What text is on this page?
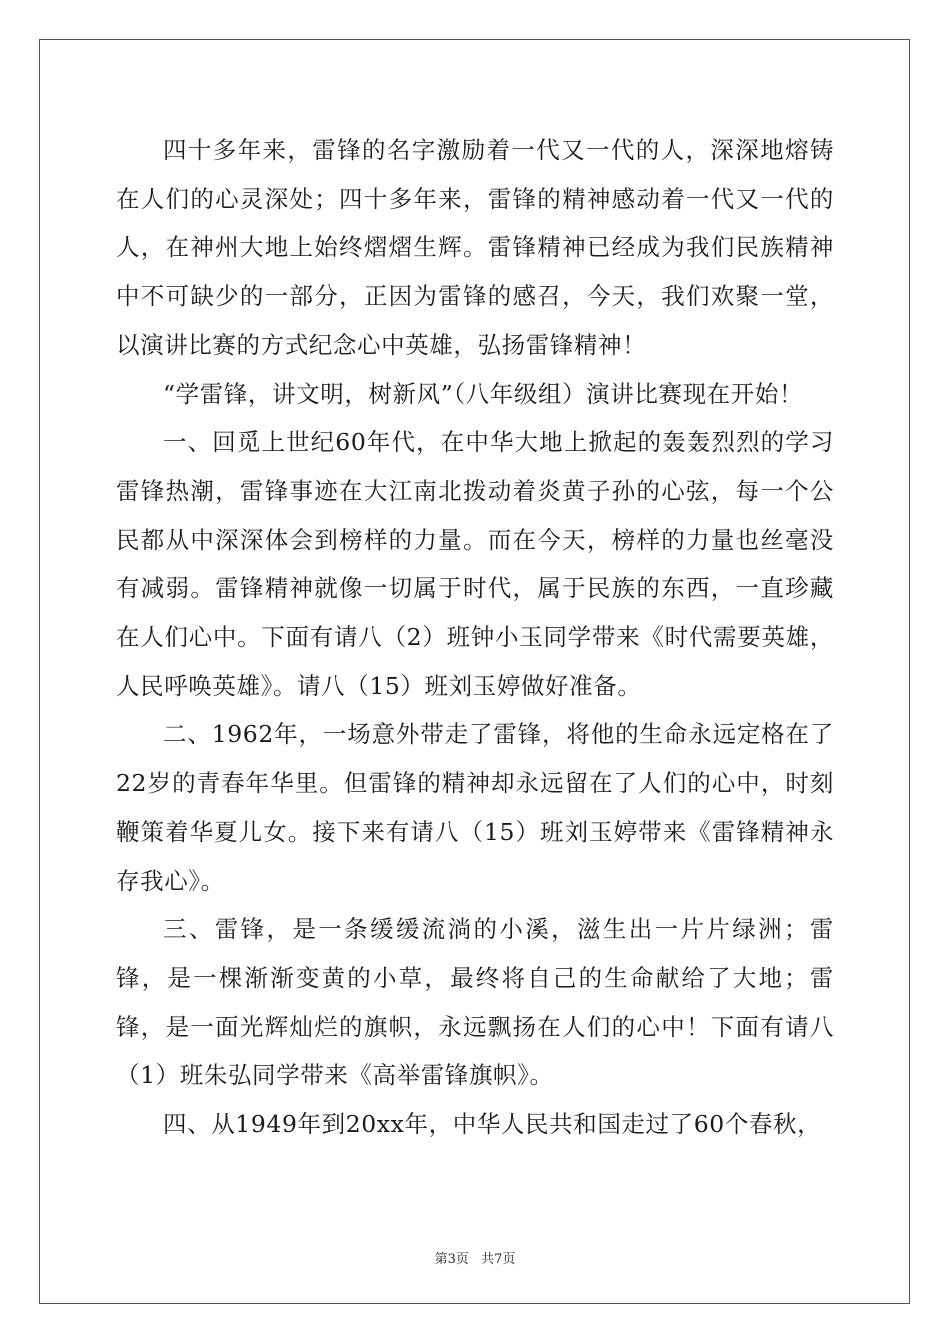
四十多年来，雷锋的名字激励着一代又一代的人，深深地熔铸在人们的心灵深处；四十多年来，雷锋的精神感动着一代又一代的人，在神州大地上始终熠熠生辉。雷锋精神已经成为我们民族精神中不可缺少的一部分，正因为雷锋的感召，今天，我们欢聚一堂，以演讲比赛的方式纪念心中英雄，弘扬雷锋精神！

“学雷锋，讲文明，树新风”（八年级组）演讲比赛现在开始！

一、回觅上世纪60年代，在中华大地上掀起的轰轰烈烈的学习雷锋热潮，雷锋事迹在大江南北拨动着炎黄子孙的心弦，每一个公民都从中深深体会到榜样的力量。而在今天，榜样的力量也丝毫没有减弱。雷锋精神就像一切属于时代，属于民族的东西，一直珍藏在人们心中。下面有请八（2）班钟小玉同学带来《时代需要英雄，人民呼唤英雄》。请八（15）班刘玉婷做好准备。

二、1962年，一场意外带走了雷锋，将他的生命永远定格在了22岁的青春年华里。但雷锋的精神却永远留在了人们的心中，时刻鞭策着华夏儿女。接下来有请八（15）班刘玉婷带来《雷锋精神永存我心》。

三、雷锋，是一条缓缓流淌的小溪，滋生出一片片绿洲；雷锋，是一棵渐渐变黄的小草，最终将自己的生命献给了大地；雷锋，是一面光辉灿烂的旗帜，永远飘扬在人们的心中！下面有请八（1）班朱弘同学带来《高举雷锋旗帜》。

四、从1949年到20xx年，中华人民共和国走过了60个春秋，

第3页 共7页
